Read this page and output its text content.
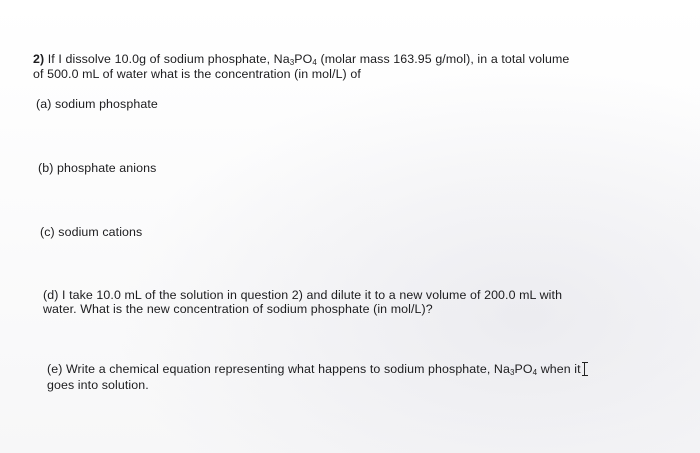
2) If I dissolve 10.0g of sodium phosphate, $Na_3PO_4$ (molar mass 163.95 g/mol), in a total volume
of 500.0 mL of water what is the concentration (in mol/L) of
(a) sodium phosphate
(b) phosphate anions
(c) sodium cations
(d) I take 10.0 mL of the solution in question 2) and dilute it to a new volume of 200.0 mL with
water. What is the new concentration of sodium phosphate (in mol/L)?
(e) Write a chemical equation representing what happens to sodium phosphate, $Na_3PO_4$ when it
goes into solution.
